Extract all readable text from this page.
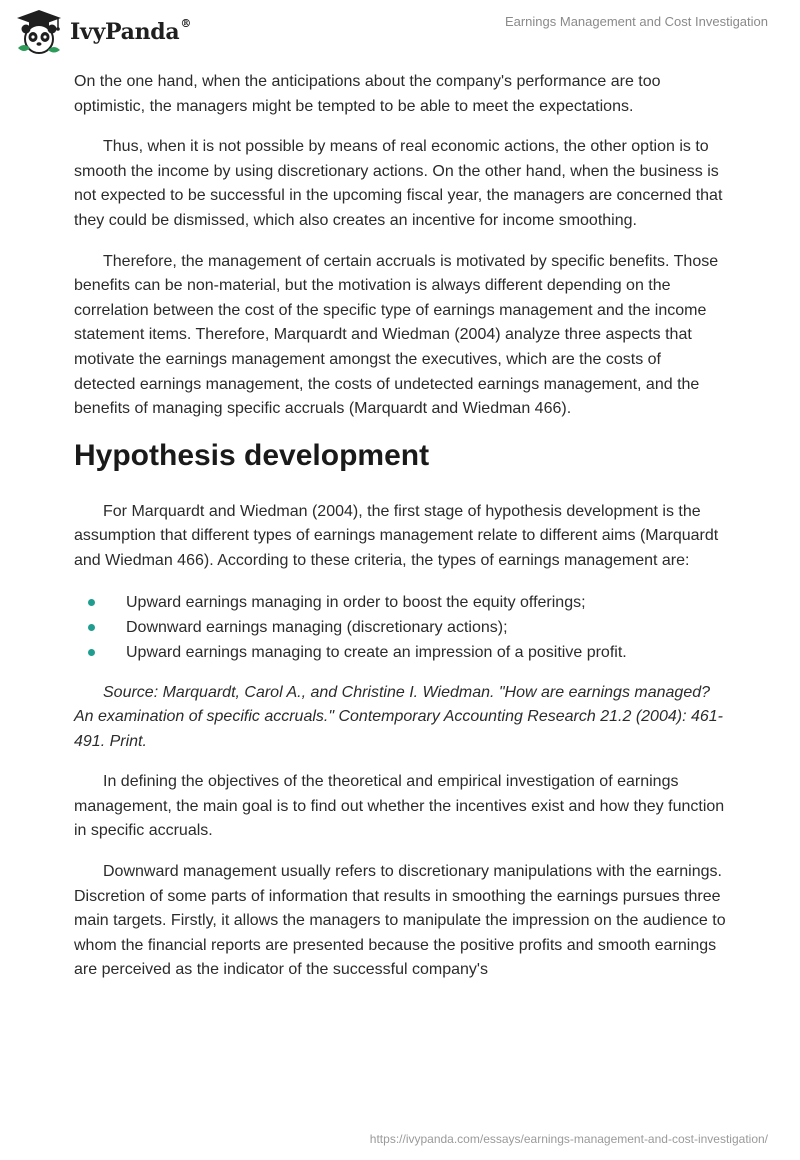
IvyPanda®	Earnings Management and Cost Investigation

On the one hand, when the anticipations about the company's performance are too optimistic, the managers might be tempted to be able to meet the expectations.

Thus, when it is not possible by means of real economic actions, the other option is to smooth the income by using discretionary actions. On the other hand, when the business is not expected to be successful in the upcoming fiscal year, the managers are concerned that they could be dismissed, which also creates an incentive for income smoothing.

Therefore, the management of certain accruals is motivated by specific benefits. Those benefits can be non-material, but the motivation is always different depending on the correlation between the cost of the specific type of earnings management and the income statement items. Therefore, Marquardt and Wiedman (2004) analyze three aspects that motivate the earnings management amongst the executives, which are the costs of detected earnings management, the costs of undetected earnings management, and the benefits of managing specific accruals (Marquardt and Wiedman 466).

Hypothesis development

For Marquardt and Wiedman (2004), the first stage of hypothesis development is the assumption that different types of earnings management relate to different aims (Marquardt and Wiedman 466). According to these criteria, the types of earnings management are:

Upward earnings managing in order to boost the equity offerings;
Downward earnings managing (discretionary actions);
Upward earnings managing to create an impression of a positive profit.

Source: Marquardt, Carol A., and Christine I. Wiedman. "How are earnings managed? An examination of specific accruals." Contemporary Accounting Research 21.2 (2004): 461-491. Print.

In defining the objectives of the theoretical and empirical investigation of earnings management, the main goal is to find out whether the incentives exist and how they function in specific accruals.

Downward management usually refers to discretionary manipulations with the earnings. Discretion of some parts of information that results in smoothing the earnings pursues three main targets. Firstly, it allows the managers to manipulate the impression on the audience to whom the financial reports are presented because the positive profits and smooth earnings are perceived as the indicator of the successful company's

https://ivypanda.com/essays/earnings-management-and-cost-investigation/
